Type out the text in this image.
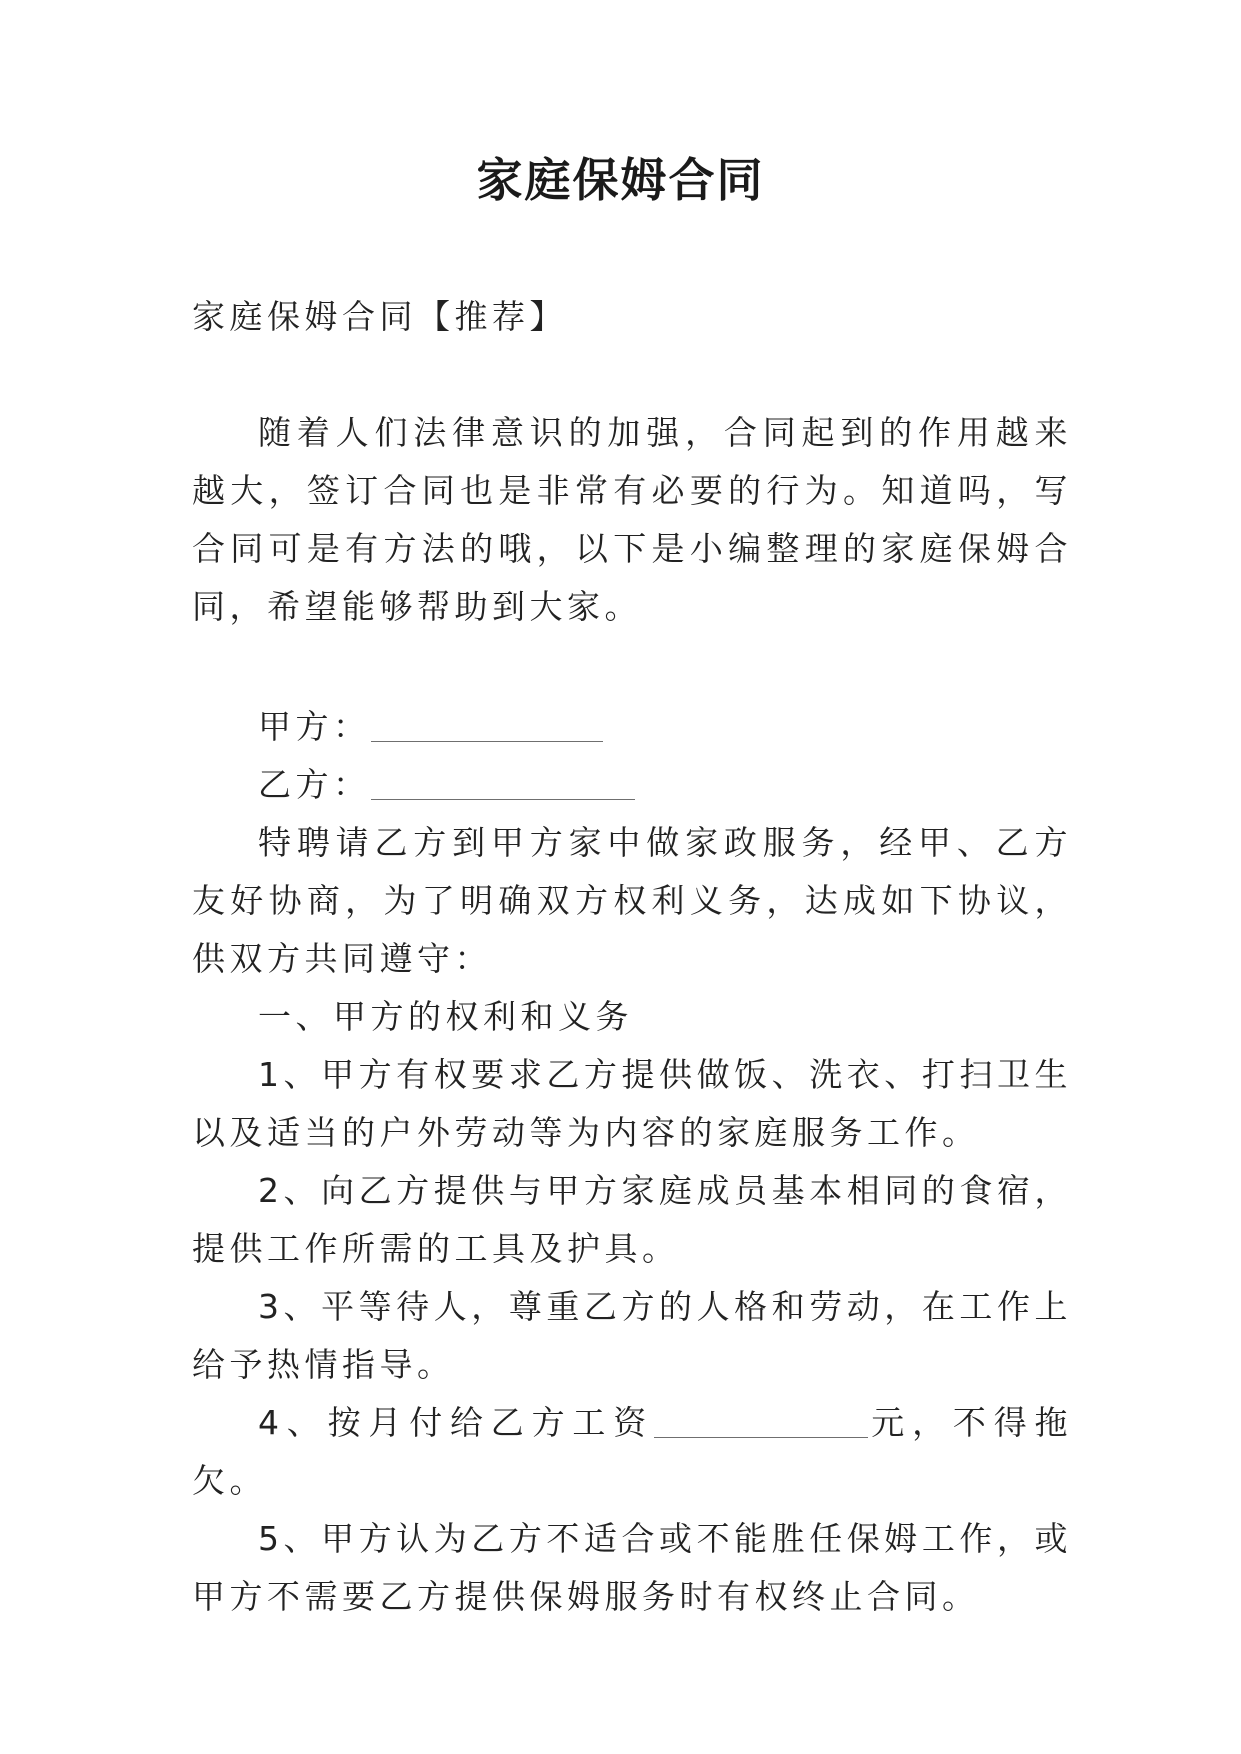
家庭保姆合同

家庭保姆合同【推荐】

随着人们法律意识的加强，合同起到的作用越来越大，签订合同也是非常有必要的行为。知道吗，写合同可是有方法的哦，以下是小编整理的家庭保姆合同，希望能够帮助到大家。

甲方：

乙方：

特聘请乙方到甲方家中做家政服务，经甲、乙方友好协商，为了明确双方权利义务，达成如下协议，供双方共同遵守：

一、甲方的权利和义务

1、甲方有权要求乙方提供做饭、洗衣、打扫卫生以及适当的户外劳动等为内容的家庭服务工作。

2、向乙方提供与甲方家庭成员基本相同的食宿，提供工作所需的工具及护具。

3、平等待人，尊重乙方的人格和劳动，在工作上给予热情指导。

4、按月付给乙方工资	元，不得拖欠。

5、甲方认为乙方不适合或不能胜任保姆工作，或甲方不需要乙方提供保姆服务时有权终止合同。
